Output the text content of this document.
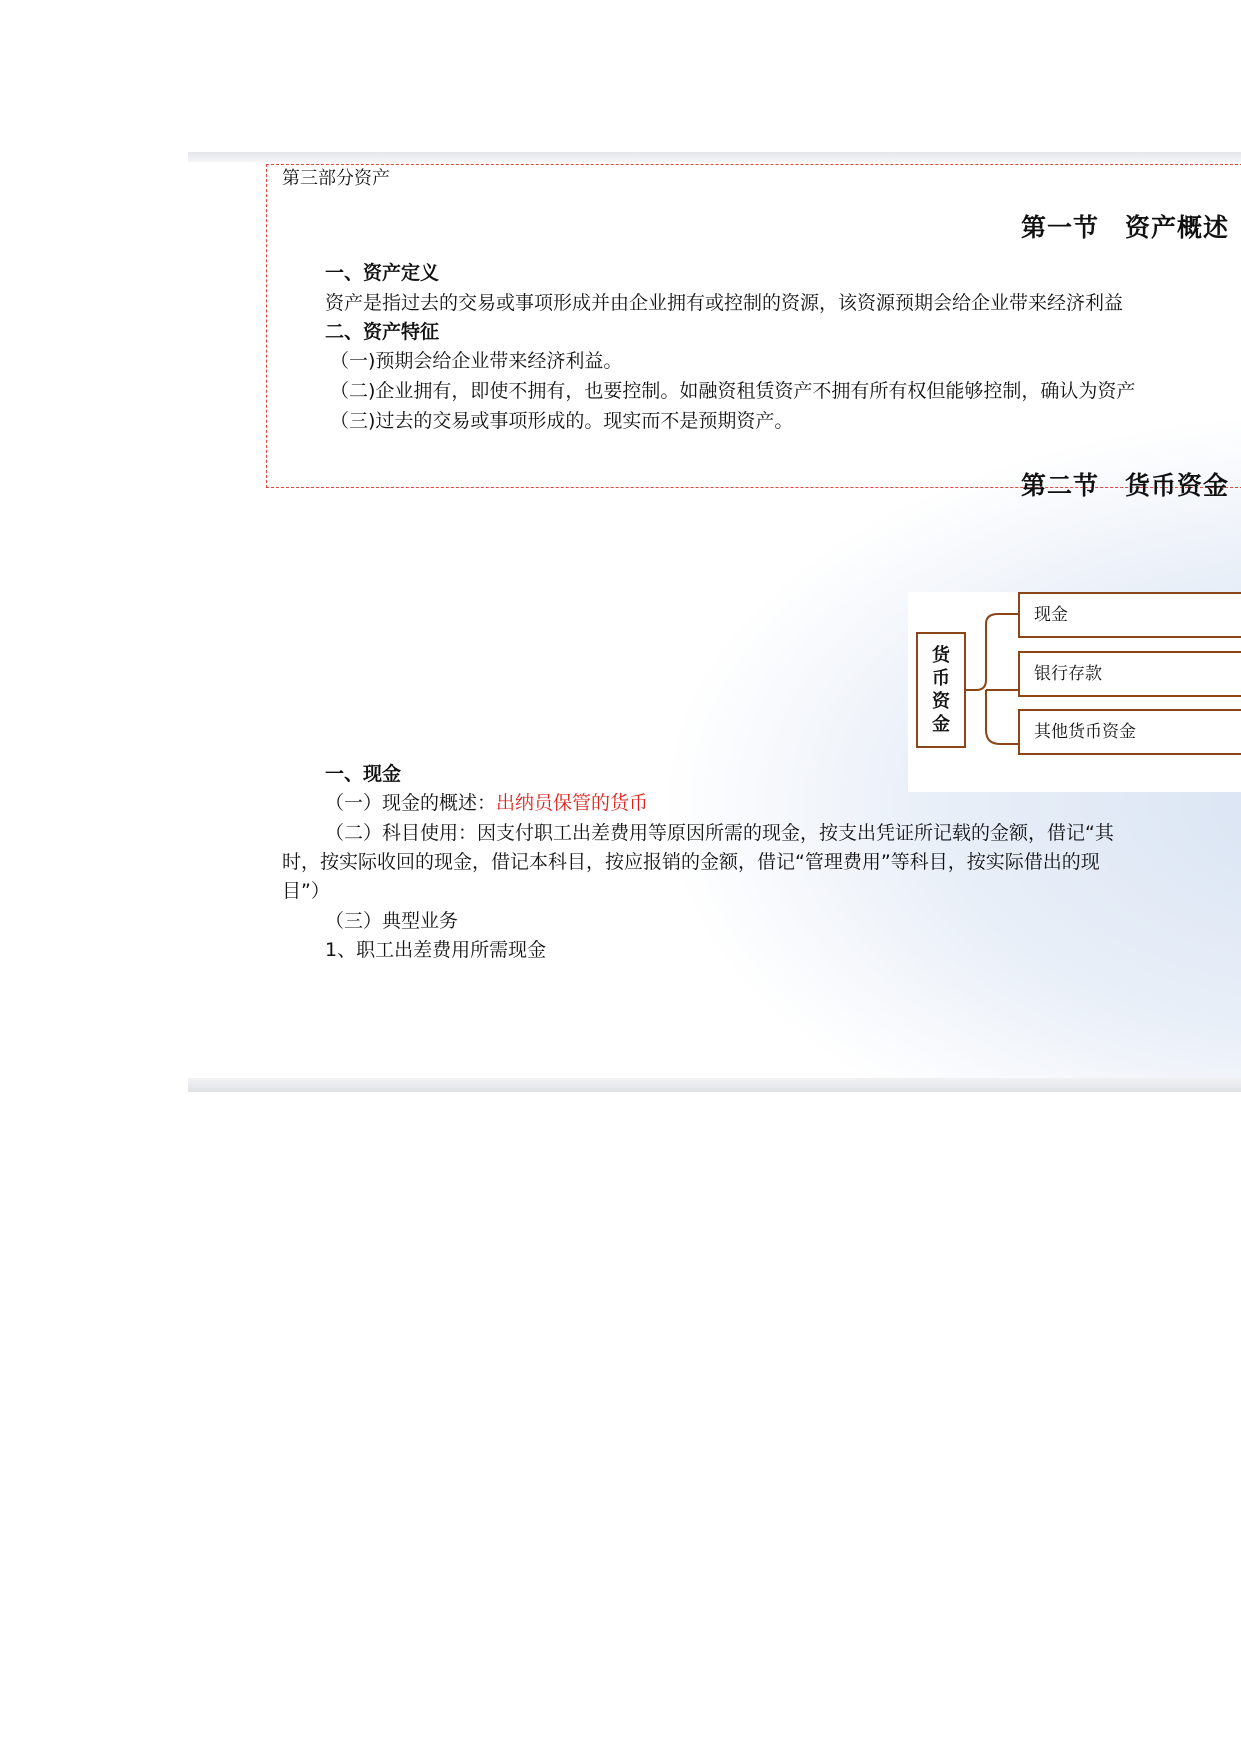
第三部分资产
第一节　资产概述
一、资产定义
资产是指过去的交易或事项形成并由企业拥有或控制的资源，该资源预期会给企业带来经济利益
二、资产特征
（一)预期会给企业带来经济利益。
（二)企业拥有，即使不拥有，也要控制。如融资租赁资产不拥有所有权但能够控制，确认为资产
（三)过去的交易或事项形成的。现实而不是预期资产。
第二节　货币资金
货
币
资
金
现金
银行存款
其他货币资金
一、现金
（一）现金的概述：出纳员保管的货币
（二）科目使用：因支付职工出差费用等原因所需的现金，按支出凭证所记载的金额，借记“其
时，按实际收回的现金，借记本科目，按应报销的金额，借记“管理费用”等科目，按实际借出的现
目”）
（三）典型业务
1、职工出差费用所需现金
